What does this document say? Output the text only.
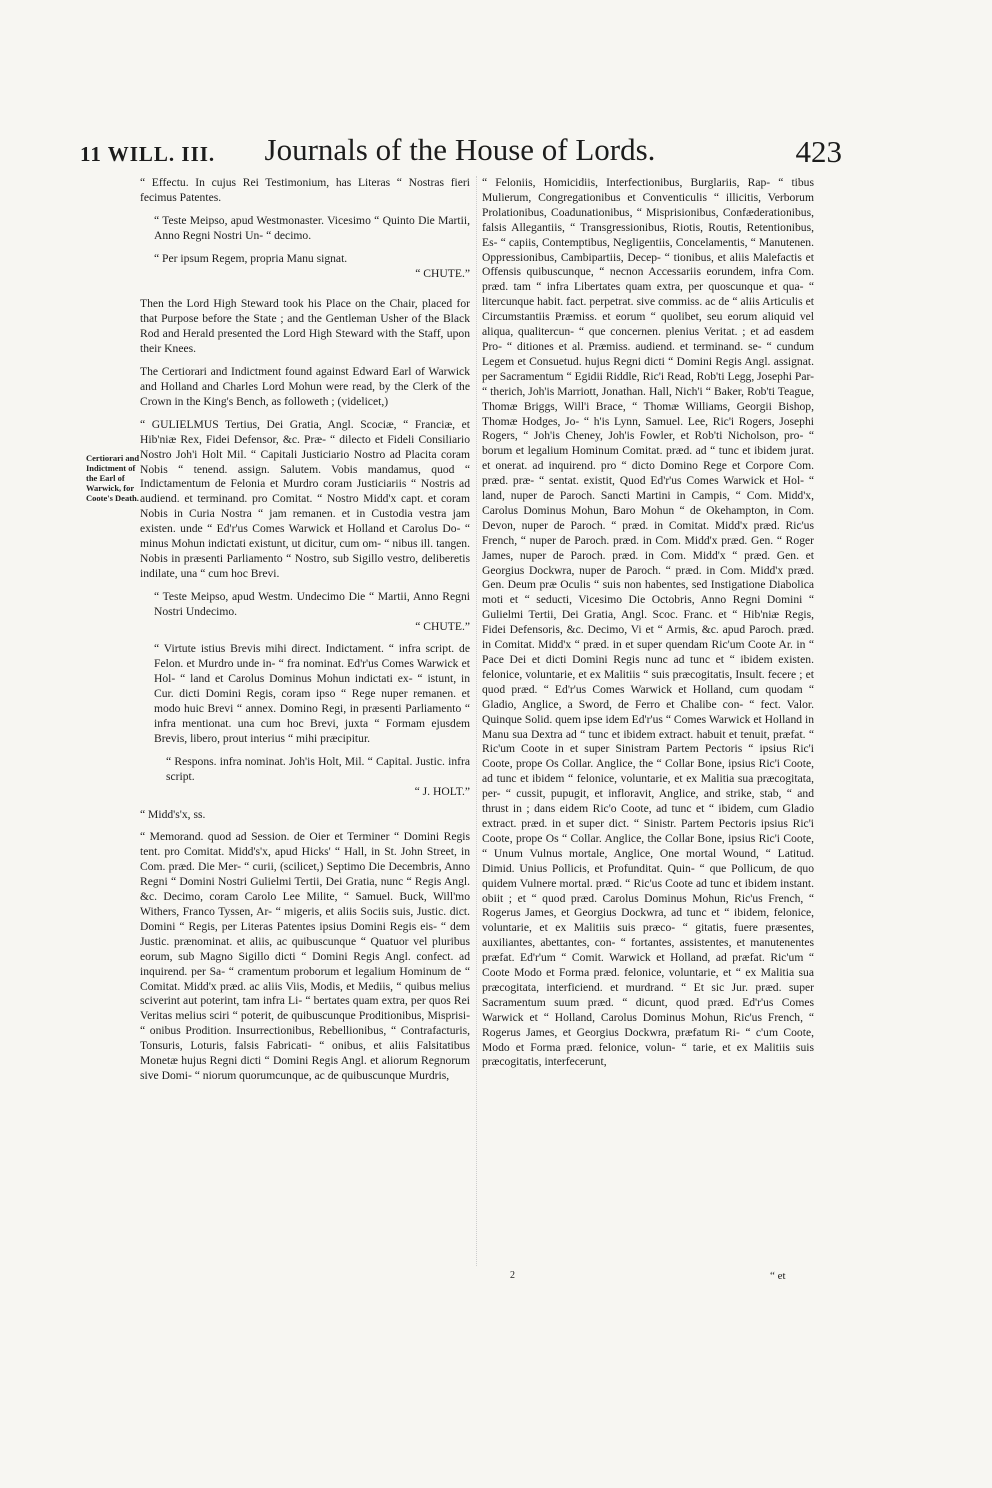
11 WILL. III.	Journals of the House of Lords.	423
Certiorari and Indictment of the Earl of Warwick, for Coote's Death.

“ Effectu. In cujus Rei Testimonium, has Literas “ Nostras fieri fecimus Patentes.

“ Teste Meipso, apud Westmonaster. Vicesimo “ Quinto Die Martii, Anno Regni Nostri Un- “ decimo.

“ Per ipsum Regem, propria Manu signat.

“ CHUTE.”

Then the Lord High Steward took his Place on the Chair, placed for that Purpose before the State ; and the Gentleman Usher of the Black Rod and Herald presented the Lord High Steward with the Staff, upon their Knees.

The Certiorari and Indictment found against Edward Earl of Warwick and Holland and Charles Lord Mohun were read, by the Clerk of the Crown in the King's Bench, as followeth ; (videlicet,)

“ GULIELMUS Tertius, Dei Gratia, Angl. Scociæ, “ Franciæ, et Hib'niæ Rex, Fidei Defensor, &c. Præ- “ dilecto et Fideli Consiliario Nostro Joh'i Holt Mil. “ Capitali Justiciario Nostro ad Placita coram Nobis “ tenend. assign. Salutem. Vobis mandamus, quod “ Indictamentum de Felonia et Murdro coram Justiciariis “ Nostris ad audiend. et terminand. pro Comitat. “ Nostro Midd'x capt. et coram Nobis in Curia Nostra “ jam remanen. et in Custodia vestra jam existen. unde “ Ed'r'us Comes Warwick et Holland et Carolus Do- “ minus Mohun indictati existunt, ut dicitur, cum om- “ nibus ill. tangen. Nobis in præsenti Parliamento “ Nostro, sub Sigillo vestro, deliberetis indilate, una “ cum hoc Brevi.

“ Teste Meipso, apud Westm. Undecimo Die “ Martii, Anno Regni Nostri Undecimo.

“ CHUTE.”

“ Virtute istius Brevis mihi direct. Indictament. “ infra script. de Felon. et Murdro unde in- “ fra nominat. Ed'r'us Comes Warwick et Hol- “ land et Carolus Dominus Mohun indictati ex- “ istunt, in Cur. dicti Domini Regis, coram ipso “ Rege nuper remanen. et modo huic Brevi “ annex. Domino Regi, in præsenti Parliamento “ infra mentionat. una cum hoc Brevi, juxta “ Formam ejusdem Brevis, libero, prout interius “ mihi præcipitur.

“ Respons. infra nominat. Joh'is Holt, Mil. “ Capital. Justic. infra script.

“ J. HOLT.”

“ Midd's'x, ss.

“ Memorand. quod ad Session. de Oier et Terminer “ Domini Regis tent. pro Comitat. Midd's'x, apud Hicks' “ Hall, in St. John Street, in Com. præd. Die Mer- “ curii, (scilicet,) Septimo Die Decembris, Anno Regni “ Domini Nostri Gulielmi Tertii, Dei Gratia, nunc “ Regis Angl. &c. Decimo, coram Carolo Lee Milite, “ Samuel. Buck, Will'mo Withers, Franco Tyssen, Ar- “ migeris, et aliis Sociis suis, Justic. dict. Domini “ Regis, per Literas Patentes ipsius Domini Regis eis- “ dem Justic. prænominat. et aliis, ac quibuscunque “ Quatuor vel pluribus eorum, sub Magno Sigillo dicti “ Domini Regis Angl. confect. ad inquirend. per Sa- “ cramentum proborum et legalium Hominum de “ Comitat. Midd'x præd. ac aliis Viis, Modis, et Mediis, “ quibus melius sciverint aut poterint, tam infra Li- “ bertates quam extra, per quos Rei Veritas melius sciri “ poterit, de quibuscunque Proditionibus, Misprisi- “ onibus Prodition. Insurrectionibus, Rebellionibus, “ Contrafacturis, Tonsuris, Loturis, falsis Fabricati- “ onibus, et aliis Falsitatibus Monetæ hujus Regni dicti “ Domini Regis Angl. et aliorum Regnorum sive Domi- “ niorum quorumcunque, ac de quibuscunque Murdris,

“ Feloniis, Homicidiis, Interfectionibus, Burglariis, Rap- “ tibus Mulierum, Congregationibus et Conventiculis “ illicitis, Verborum Prolationibus, Coadunationibus, “ Misprisionibus, Confæderationibus, falsis Allegantiis, “ Transgressionibus, Riotis, Routis, Retentionibus, Es- “ capiis, Contemptibus, Negligentiis, Concelamentis, “ Manutenen. Oppressionibus, Cambipartiis, Decep- “ tionibus, et aliis Malefactis et Offensis quibuscunque, “ necnon Accessariis eorundem, infra Com. præd. tam “ infra Libertates quam extra, per quoscunque et qua- “ litercunque habit. fact. perpetrat. sive commiss. ac de “ aliis Articulis et Circumstantiis Præmiss. et eorum “ quolibet, seu eorum aliquid vel aliqua, qualitercun- “ que concernen. plenius Veritat. ; et ad easdem Pro- “ ditiones et al. Præmiss. audiend. et terminand. se- “ cundum Legem et Consuetud. hujus Regni dicti “ Domini Regis Angl. assignat. per Sacramentum “ Egidii Riddle, Ric'i Read, Rob'ti Legg, Josephi Par- “ therich, Joh'is Marriott, Jonathan. Hall, Nich'i “ Baker, Rob'ti Teague, Thomæ Briggs, Will'i Brace, “ Thomæ Williams, Georgii Bishop, Thomæ Hodges, Jo- “ h'is Lynn, Samuel. Lee, Ric'i Rogers, Josephi Rogers, “ Joh'is Cheney, Joh'is Fowler, et Rob'ti Nicholson, pro- “ borum et legalium Hominum Comitat. præd. ad “ tunc et ibidem jurat. et onerat. ad inquirend. pro “ dicto Domino Rege et Corpore Com. præd. præ- “ sentat. existit, Quod Ed'r'us Comes Warwick et Hol- “ land, nuper de Paroch. Sancti Martini in Campis, “ Com. Midd'x, Carolus Dominus Mohun, Baro Mohun “ de Okehampton, in Com. Devon, nuper de Paroch. “ præd. in Comitat. Midd'x præd. Ric'us French, “ nuper de Paroch. præd. in Com. Midd'x præd. Gen. “ Roger James, nuper de Paroch. præd. in Com. Midd'x “ præd. Gen. et Georgius Dockwra, nuper de Paroch. “ præd. in Com. Midd'x præd. Gen. Deum præ Oculis “ suis non habentes, sed Instigatione Diabolica moti et “ seducti, Vicesimo Die Octobris, Anno Regni Domini “ Gulielmi Tertii, Dei Gratia, Angl. Scoc. Franc. et “ Hib'niæ Regis, Fidei Defensoris, &c. Decimo, Vi et “ Armis, &c. apud Paroch. præd. in Comitat. Midd'x “ præd. in et super quendam Ric'um Coote Ar. in “ Pace Dei et dicti Domini Regis nunc ad tunc et “ ibidem existen. felonice, voluntarie, et ex Malitiis “ suis præcogitatis, Insult. fecere ; et quod præd. “ Ed'r'us Comes Warwick et Holland, cum quodam “ Gladio, Anglice, a Sword, de Ferro et Chalibe con- “ fect. Valor. Quinque Solid. quem ipse idem Ed'r'us “ Comes Warwick et Holland in Manu sua Dextra ad “ tunc et ibidem extract. habuit et tenuit, præfat. “ Ric'um Coote in et super Sinistram Partem Pectoris “ ipsius Ric'i Coote, prope Os Collar. Anglice, the “ Collar Bone, ipsius Ric'i Coote, ad tunc et ibidem “ felonice, voluntarie, et ex Malitia sua præcogitata, per- “ cussit, pupugit, et infloravit, Anglice, and strike, stab, “ and thrust in ; dans eidem Ric'o Coote, ad tunc et “ ibidem, cum Gladio extract. præd. in et super dict. “ Sinistr. Partem Pectoris ipsius Ric'i Coote, prope Os “ Collar. Anglice, the Collar Bone, ipsius Ric'i Coote, “ Unum Vulnus mortale, Anglice, One mortal Wound, “ Latitud. Dimid. Unius Pollicis, et Profunditat. Quin- “ que Pollicum, de quo quidem Vulnere mortal. præd. “ Ric'us Coote ad tunc et ibidem instant. obiit ; et “ quod præd. Carolus Dominus Mohun, Ric'us French, “ Rogerus James, et Georgius Dockwra, ad tunc et “ ibidem, felonice, voluntarie, et ex Malitiis suis præco- “ gitatis, fuere præsentes, auxiliantes, abettantes, con- “ fortantes, assistentes, et manutenentes præfat. Ed'r'um “ Comit. Warwick et Holland, ad præfat. Ric'um “ Coote Modo et Forma præd. felonice, voluntarie, et “ ex Malitia sua præcogitata, interficiend. et murdrand. “ Et sic Jur. præd. super Sacramentum suum præd. “ dicunt, quod præd. Ed'r'us Comes Warwick et “ Holland, Carolus Dominus Mohun, Ric'us French, “ Rogerus James, et Georgius Dockwra, præfatum Ri- “ c'um Coote, Modo et Forma præd. felonice, volun- “ tarie, et ex Malitiis suis præcogitatis, interfecerunt,

2	“ et
